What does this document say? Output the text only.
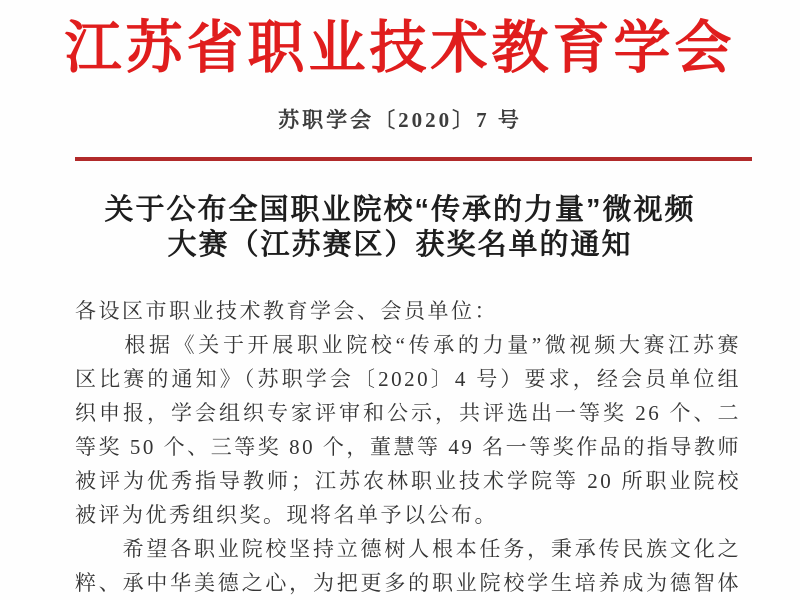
江苏省职业技术教育学会
苏职学会〔2020〕7 号
关于公布全国职业院校“传承的力量”微视频
大赛（江苏赛区）获奖名单的通知
各设区市职业技术教育学会、会员单位：
　　根据《关于开展职业院校“传承的力量”微视频大赛江苏赛
区比赛的通知》（苏职学会〔2020〕4 号）要求，经会员单位组
织申报，学会组织专家评审和公示，共评选出一等奖 26 个、二
等奖 50 个、三等奖 80 个，董慧等 49 名一等奖作品的指导教师
被评为优秀指导教师；江苏农林职业技术学院等 20 所职业院校
被评为优秀组织奖。现将名单予以公布。
　　希望各职业院校坚持立德树人根本任务，秉承传民族文化之
粹、承中华美德之心，为把更多的职业院校学生培养成为德智体
